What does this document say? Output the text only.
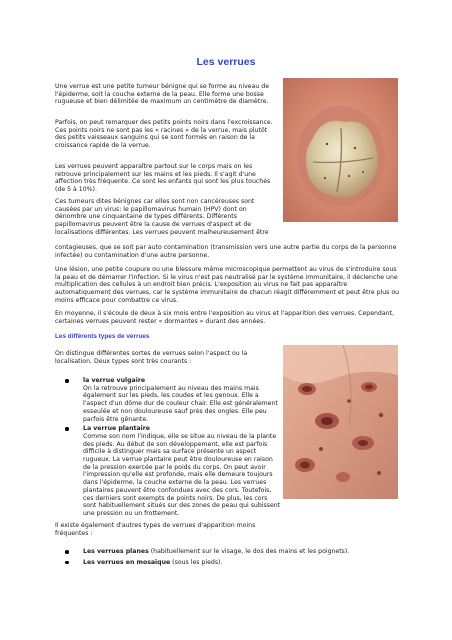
Les verrues
Une verrue est une petite tumeur bénigne qui se forme au niveau de l'épiderme, soit la couche externe de la peau. Elle forme une bosse rugueuse et bien délimitée de maximum un centimètre de diamètre.
Parfois, on peut remarquer des petits points noirs dans l'excroissance. Ces points noirs ne sont pas les « racines » de la verrue, mais plutôt des petits vaisseaux sanguins qui se sont formés en raison de la croissance rapide de la verrue.
Les verrues peuvent apparaître partout sur le corps mais on les retrouve principalement sur les mains et les pieds. Il s'agit d'une affection très fréquente. Ce sont les enfants qui sont les plus touchés (de 5 à 10%).
Ces tumeurs dites bénignes car elles sont non cancéreuses sont causées par un virus: le papillomavirus humain (HPV) dont on dénombre une cinquantaine de types différents. Différents papillomavirus peuvent être la cause de verrues d'aspect et de localisations différentes. Les verrues peuvent malheureusement être
contagieuses, que se soit par auto contamination (transmission vers une autre partie du corps de la personne infectée) ou contamination d'une autre personne.
Une lésion, une petite coupure ou une blessure même microscopique permettent au virus de s'introduire sous la peau et de démarrer l'infection. Si le virus n'est pas neutralisé par le système immunitaire, il déclenche une multiplication des cellules à un endroit bien précis. L'exposition au virus ne fait pas apparaître automatiquement des verrues, car le système immunitaire de chacun réagit différemment et peut être plus ou moins efficace pour combattre ce virus.
En moyenne, il s'écoule de deux à six mois entre l'exposition au virus et l'apparition des verrues. Cependant, certaines verrues peuvent rester « dormantes » durant des années.
Les différents types de verrues
On distingue différentes sortes de verrues selon l'aspect ou la localisation. Deux types sont très courants :
la verrue vulgaire
On la retrouve principalement au niveau des mains mais également sur les pieds, les coudes et les genoux. Elle a l'aspect d'un dôme dur de couleur chair. Elle est généralement esseulée et non douloureuse sauf près des ongles. Elle peu parfois être gênante.
La verrue plantaire
Comme son nom l'indique, elle se situe au niveau de la plante des pieds. Au début de son développement, elle est parfois difficile à distinguer mais sa surface présente un aspect rugueux. La verrue plantaire peut être douloureuse en raison de la pression exercée par le poids du corps. On peut avoir l'impression qu'elle est profonde, mais elle demeure toujours dans l'épiderme, la couche externe de la peau. Les verrues plantaires peuvent être confondues avec des cors. Toutefois, ces derniers sont exempts de points noirs. De plus, les cors sont habituellement situés sur des zones de peau qui subissent une pression ou un frottement.
Il existe également d'autres types de verrues d'apparition moins fréquentes :
Les verrues planes (habituellement sur le visage, le dos des mains et les poignets).
Les verrues en mosaïque (sous les pieds).
